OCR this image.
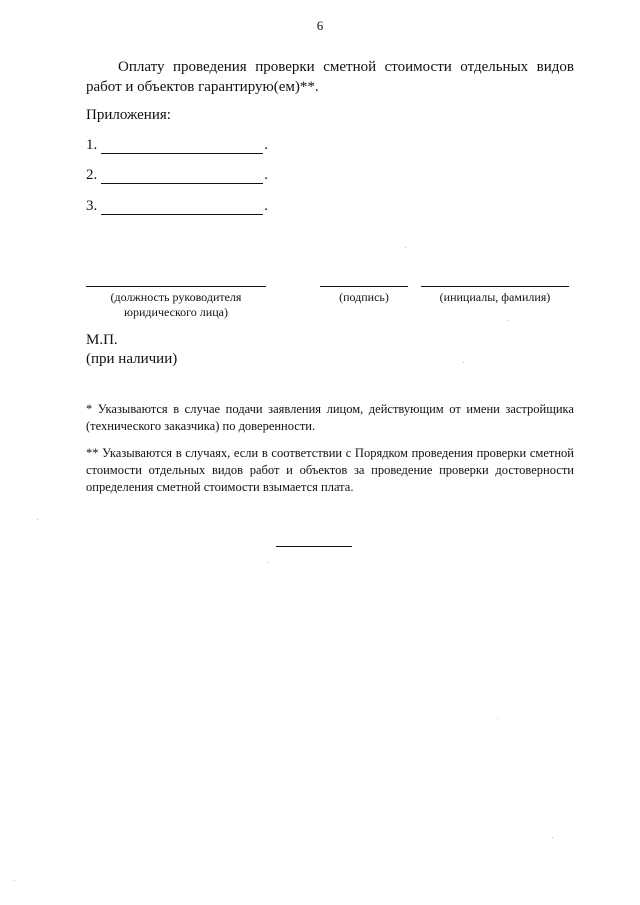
6
Оплату проведения проверки сметной стоимости отдельных видов работ и объектов гарантирую(ем)**.
Приложения:
1.	.
2.	.
3.	.
(должность руководителя юридического лица)
(подпись)	(инициалы, фамилия)
М.П.
(при наличии)
* Указываются в случае подачи заявления лицом, действующим от имени застройщика (технического заказчика) по доверенности.
** Указываются в случаях, если в соответствии с Порядком проведения проверки сметной стоимости отдельных видов работ и объектов за проведение проверки достоверности определения сметной стоимости взымается плата.
